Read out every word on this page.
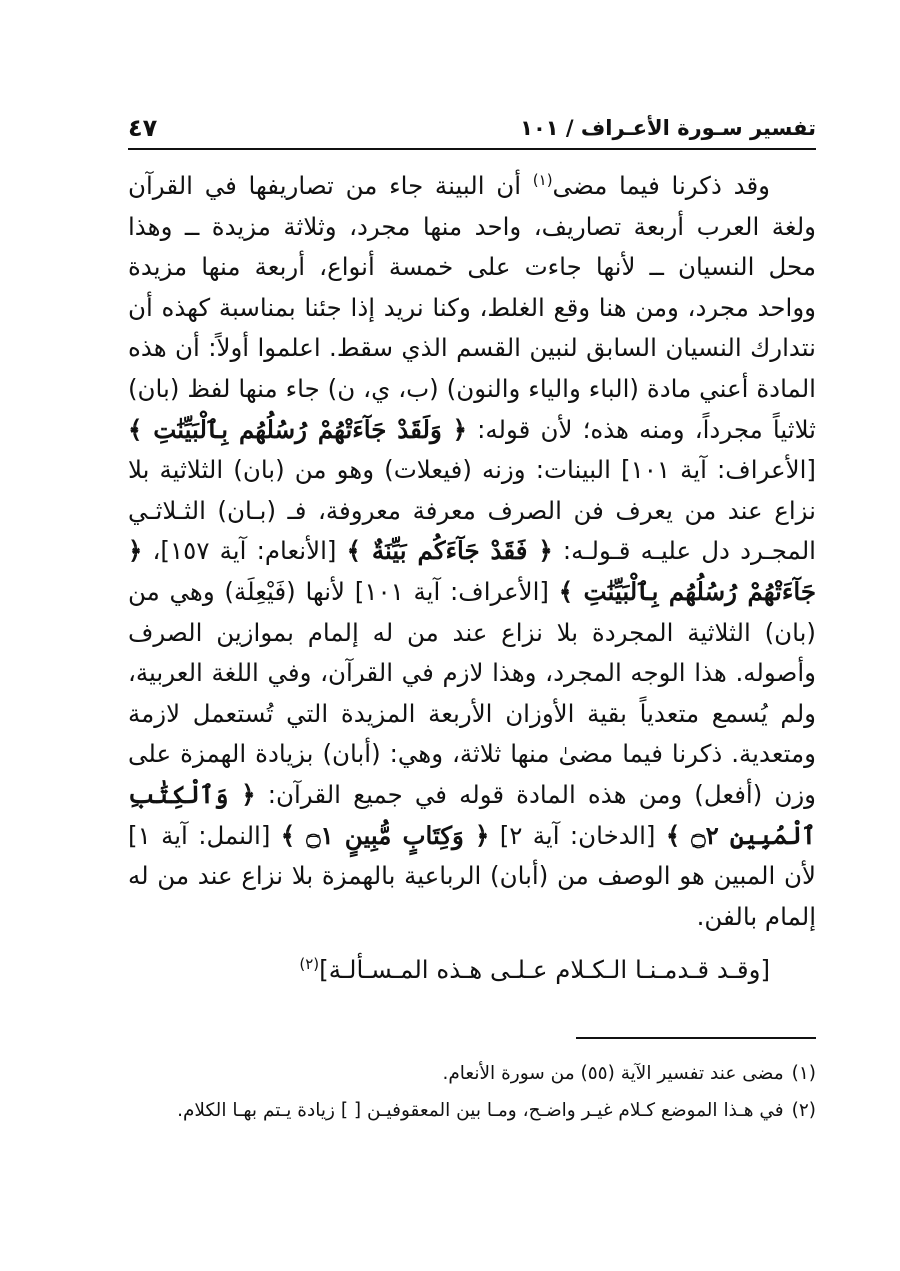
تفسير سـورة الأعـراف / ١٠١
٤٧

وقد ذكرنا فيما مضى$^{(١)}$ أن البينة جاء من تصاريفها في القرآن ولغة العرب أربعة تصاريف، واحد منها مجرد، وثلاثة مزيدة ــ وهذا محل النسيان ــ لأنها جاءت على خمسة أنواع، أربعة منها مزيدة وواحد مجرد، ومن هنا وقع الغلط، وكنا نريد إذا جئنا بمناسبة كهذه أن نتدارك النسيان السابق لنبين القسم الذي سقط. اعلموا أولاً: أن هذه المادة أعني مادة (الباء والياء والنون) (ب، ي، ن) جاء منها لفظ (بان) ثلاثياً مجرداً، ومنه هذه؛ لأن قوله: ﴿ وَلَقَدْ جَآءَتْهُمْ رُسُلُهُم بِٱلْبَيِّنَٰتِ ﴾ [الأعراف: آية ١٠١] البينات: وزنه (فيعلات) وهو من (بان) الثلاثية بلا نزاع عند من يعرف فن الصرف معرفة معروفة، فـ (بـان) الثـلاثـي المجـرد دل عليـه قـولـه: ﴿ فَقَدْ جَآءَكُم بَيِّنَةٌ ﴾ [الأنعام: آية ١٥٧]، ﴿ جَآءَتْهُمْ رُسُلُهُم بِٱلْبَيِّنَٰتِ ﴾ [الأعراف: آية ١٠١] لأنها (فَيْعِلَة) وهي من (بان) الثلاثية المجردة بلا نزاع عند من له إلمام بموازين الصرف وأصوله. هذا الوجه المجرد، وهذا لازم في القرآن، وفي اللغة العربية، ولم يُسمع متعدياً بقية الأوزان الأربعة المزيدة التي تُستعمل لازمة ومتعدية. ذكرنا فيما مضىٰ منها ثلاثة، وهي: (أبان) بزيادة الهمزة على وزن (أفعل) ومن هذه المادة قوله في جميع القرآن: ﴿ وَٱلْكِتَٰبِ ٱلْمُبِينِ ۝٢ ﴾ [الدخان: آية ٢] ﴿ وَكِتَابٍ مُّبِينٍ ۝١ ﴾ [النمل: آية ١] لأن المبين هو الوصف من (أبان) الرباعية بالهمزة بلا نزاع عند من له إلمام بالفن.

[وقـد قـدمـنـا الـكـلام عـلـى هـذه المـسـألـة]$^{(٢)}$

(١)مضى عند تفسير الآية (٥٥) من سورة الأنعام.

(٢)في هـذا الموضع كـلام غيـر واضـح، ومـا بين المعقوفيـن [ ] زيادة يـتم بهـا الكلام.
